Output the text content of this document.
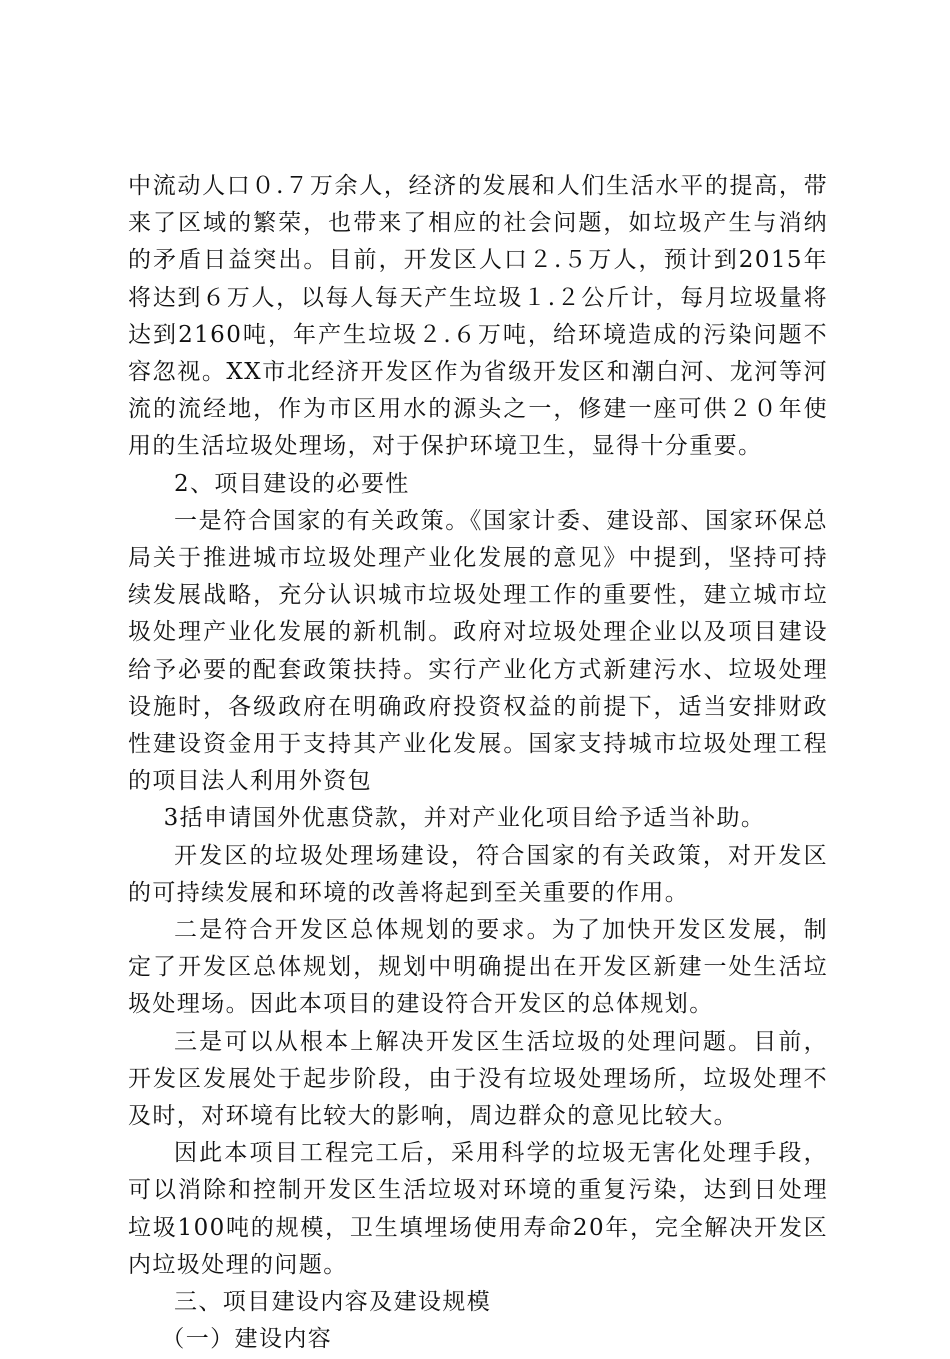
中流动人口０.７万余人，经济的发展和人们生活水平的提高，带来了区域的繁荣，也带来了相应的社会问题，如垃圾产生与消纳的矛盾日益突出。目前，开发区人口２.５万人，预计到2015年将达到６万人，以每人每天产生垃圾１.２公斤计，每月垃圾量将达到2160吨，年产生垃圾２.６万吨，给环境造成的污染问题不容忽视。XX市北经济开发区作为省级开发区和潮白河、龙河等河流的流经地，作为市区用水的源头之一，修建一座可供２０年使用的生活垃圾处理场，对于保护环境卫生，显得十分重要。

2、项目建设的必要性

一是符合国家的有关政策。《国家计委、建设部、国家环保总局关于推进城市垃圾处理产业化发展的意见》中提到，坚持可持续发展战略，充分认识城市垃圾处理工作的重要性，建立城市垃圾处理产业化发展的新机制。政府对垃圾处理企业以及项目建设给予必要的配套政策扶持。实行产业化方式新建污水、垃圾处理设施时，各级政府在明确政府投资权益的前提下，适当安排财政性建设资金用于支持其产业化发展。国家支持城市垃圾处理工程的项目法人利用外资包

3括申请国外优惠贷款，并对产业化项目给予适当补助。

开发区的垃圾处理场建设，符合国家的有关政策，对开发区的可持续发展和环境的改善将起到至关重要的作用。

二是符合开发区总体规划的要求。为了加快开发区发展，制定了开发区总体规划，规划中明确提出在开发区新建一处生活垃圾处理场。因此本项目的建设符合开发区的总体规划。

三是可以从根本上解决开发区生活垃圾的处理问题。目前，开发区发展处于起步阶段，由于没有垃圾处理场所，垃圾处理不及时，对环境有比较大的影响，周边群众的意见比较大。

因此本项目工程完工后，采用科学的垃圾无害化处理手段，可以消除和控制开发区生活垃圾对环境的重复污染，达到日处理垃圾100吨的规模，卫生填埋场使用寿命20年，完全解决开发区内垃圾处理的问题。

三、项目建设内容及建设规模

（一）建设内容
